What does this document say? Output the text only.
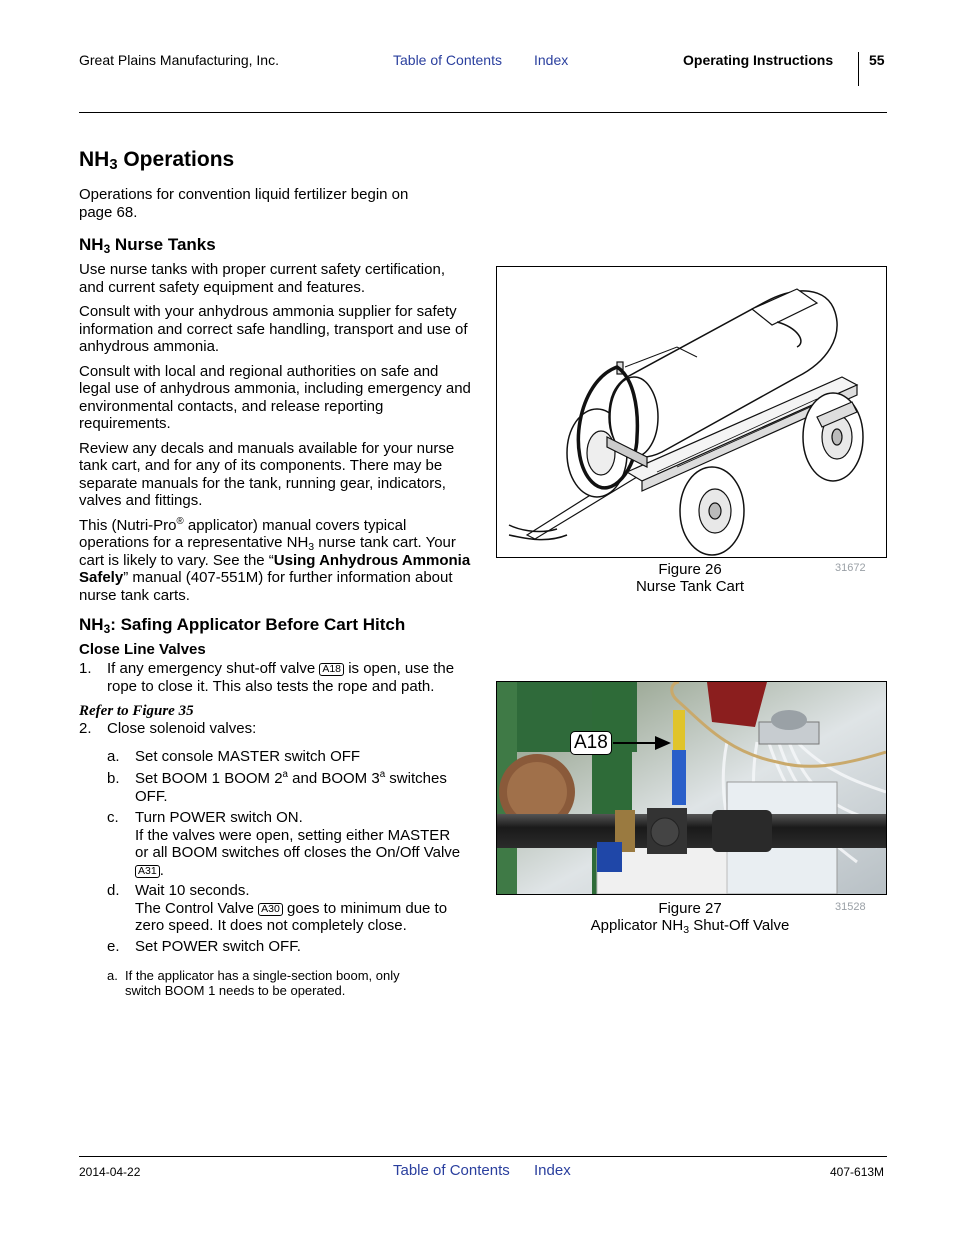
Great Plains Manufacturing, Inc.	Table of Contents Index	Operating Instructions	55
$NH_3$ Operations
Operations for convention liquid fertilizer begin on page 68.
$NH_3$ Nurse Tanks

Use nurse tanks with proper current safety certification, and current safety equipment and features.

Consult with your anhydrous ammonia supplier for safety information and correct safe handling, transport and use of anhydrous ammonia.

Consult with local and regional authorities on safe and legal use of anhydrous ammonia, including emergency and environmental contacts, and release reporting requirements.

Review any decals and manuals available for your nurse tank cart, and for any of its components. There may be separate manuals for the tank, running gear, indicators, valves and fittings.

This (Nutri-Pro® applicator) manual covers typical operations for a representative $NH_3$ nurse tank cart. Your cart is likely to vary. See the “Using Anhydrous Ammonia Safely” manual (407-551M) for further information about nurse tank carts.

$NH_3$: Safing Applicator Before Cart Hitch
Close Line Valves
1. If any emergency shut-off valve A18 is open, use the rope to close it. This also tests the rope and path.
Refer to Figure 35
2. Close solenoid valves:
a. Set console MASTER switch OFF
b. Set BOOM 1 BOOM 2$^a$ and BOOM 3$^a$ switches OFF.
c. Turn POWER switch ON.
If the valves were open, setting either MASTER or all BOOM switches off closes the On/Off Valve A31 .
d. Wait 10 seconds.
The Control Valve A30 goes to minimum due to zero speed. It does not completely close.
e. Set POWER switch OFF.
a. If the applicator has a single-section boom, only switch BOOM 1 needs to be operated.
Figure 26
Nurse Tank Cart
31672
A18
Figure 27
Applicator $NH_3$ Shut-Off Valve
31528
2014-04-22	Table of Contents Index	407-613M
